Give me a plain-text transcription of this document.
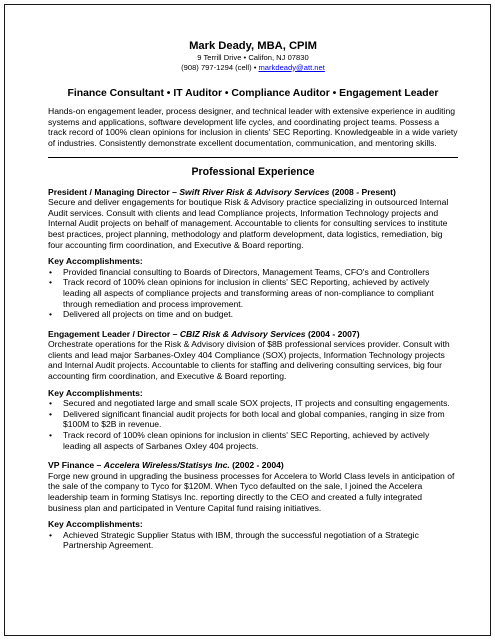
Mark Deady, MBA, CPIM
9 Terrill Drive • Califon, NJ 07830
(908) 797-1294 (cell) • markdeady@att.net
Finance Consultant • IT Auditor • Compliance Auditor • Engagement Leader

Hands-on engagement leader, process designer, and technical leader with extensive experience in auditing systems and applications, software development life cycles, and coordinating project teams. Possess a track record of 100% clean opinions for inclusion in clients' SEC Reporting. Knowledgeable in a wide variety of industries. Consistently demonstrate excellent documentation, communication, and mentoring skills.

Professional Experience
President / Managing Director – Swift River Risk & Advisory Services (2008 - Present)

Secure and deliver engagements for boutique Risk & Advisory practice specializing in outsourced Internal Audit services. Consult with clients and lead Compliance projects, Information Technology projects and Internal Audit projects on behalf of management. Accountable to clients for consulting services to institute best practices, project planning, methodology and platform development, data logistics, remediation, big four accounting firm coordination, and Executive & Board reporting.

Key Accomplishments:
• Provided financial consulting to Boards of Directors, Management Teams, CFO's and Controllers
• Track record of 100% clean opinions for inclusion in clients' SEC Reporting, achieved by actively leading all aspects of compliance projects and transforming areas of non-compliance to compliant through remediation and process improvement.
• Delivered all projects on time and on budget.
Engagement Leader / Director – CBIZ Risk & Advisory Services (2004 - 2007)

Orchestrate operations for the Risk & Advisory division of $8B professional services provider. Consult with clients and lead major Sarbanes-Oxley 404 Compliance (SOX) projects, Information Technology projects and Internal Audit projects. Accountable to clients for staffing and delivering consulting services, big four accounting firm coordination, and Executive & Board reporting.

Key Accomplishments:
• Secured and negotiated large and small scale SOX projects, IT projects and consulting engagements.
• Delivered significant financial audit projects for both local and global companies, ranging in size from $100M to $2B in revenue.
• Track record of 100% clean opinions for inclusion in clients' SEC Reporting, achieved by actively leading all aspects of Sarbanes Oxley 404 projects.
VP Finance – Accelera Wireless/Statisys Inc. (2002 - 2004)

Forge new ground in upgrading the business processes for Accelera to World Class levels in anticipation of the sale of the company to Tyco for $120M. When Tyco defaulted on the sale, I joined the Accelera leadership team in forming Statisys Inc. reporting directly to the CEO and created a fully integrated business plan and participated in Venture Capital fund raising initiatives.

Key Accomplishments:
• Achieved Strategic Supplier Status with IBM, through the successful negotiation of a Strategic Partnership Agreement.
